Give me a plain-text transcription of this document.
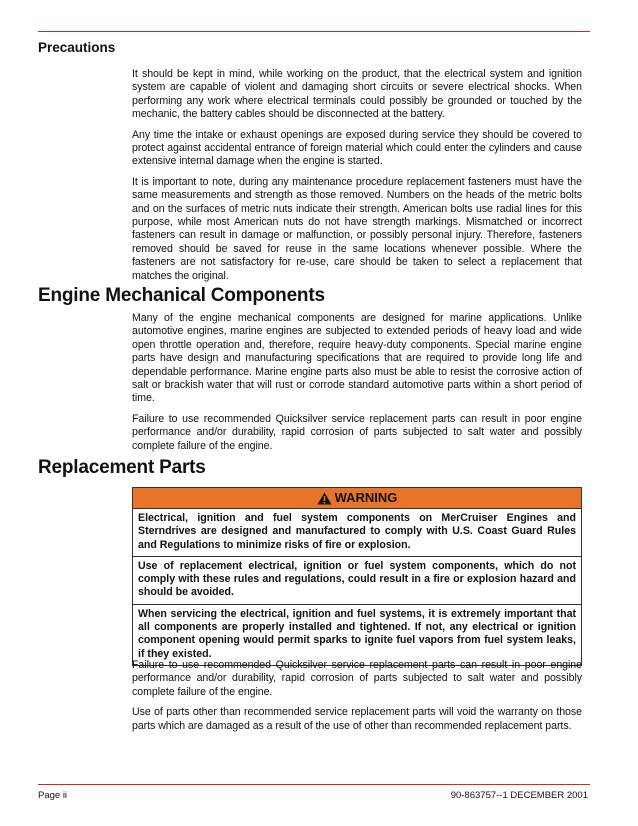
Precautions

It should be kept in mind, while working on the product, that the electrical system and ignition system are capable of violent and damaging short circuits or severe electrical shocks. When performing any work where electrical terminals could possibly be grounded or touched by the mechanic, the battery cables should be disconnected at the battery.

Any time the intake or exhaust openings are exposed during service they should be covered to protect against accidental entrance of foreign material which could enter the cylinders and cause extensive internal damage when the engine is started.

It is important to note, during any maintenance procedure replacement fasteners must have the same measurements and strength as those removed. Numbers on the heads of the metric bolts and on the surfaces of metric nuts indicate their strength. American bolts use radial lines for this purpose, while most American nuts do not have strength markings. Mismatched or incorrect fasteners can result in damage or malfunction, or possibly personal injury. Therefore, fasteners removed should be saved for reuse in the same locations whenever possible. Where the fasteners are not satisfactory for re-use, care should be taken to select a replacement that matches the original.

Engine Mechanical Components

Many of the engine mechanical components are designed for marine applications. Unlike automotive engines, marine engines are subjected to extended periods of heavy load and wide open throttle operation and, therefore, require heavy-duty components. Special marine engine parts have design and manufacturing specifications that are required to provide long life and dependable performance. Marine engine parts also must be able to resist the corrosive action of salt or brackish water that will rust or corrode standard automotive parts within a short period of time.

Failure to use recommended Quicksilver service replacement parts can result in poor engine performance and/or durability, rapid corrosion of parts subjected to salt water and possibly complete failure of the engine.

Replacement Parts
WARNING
Electrical, ignition and fuel system components on MerCruiser Engines and Sterndrives are designed and manufactured to comply with U.S. Coast Guard Rules and Regulations to minimize risks of fire or explosion.
Use of replacement electrical, ignition or fuel system components, which do not comply with these rules and regulations, could result in a fire or explosion hazard and should be avoided.
When servicing the electrical, ignition and fuel systems, it is extremely important that all components are properly installed and tightened. If not, any electrical or ignition component opening would permit sparks to ignite fuel vapors from fuel system leaks, if they existed.

Failure to use recommended Quicksilver service replacement parts can result in poor engine performance and/or durability, rapid corrosion of parts subjected to salt water and possibly complete failure of the engine.

Use of parts other than recommended service replacement parts will void the warranty on those parts which are damaged as a result of the use of other than recommended replacement parts.

Page ii	90-863757--1 DECEMBER 2001
